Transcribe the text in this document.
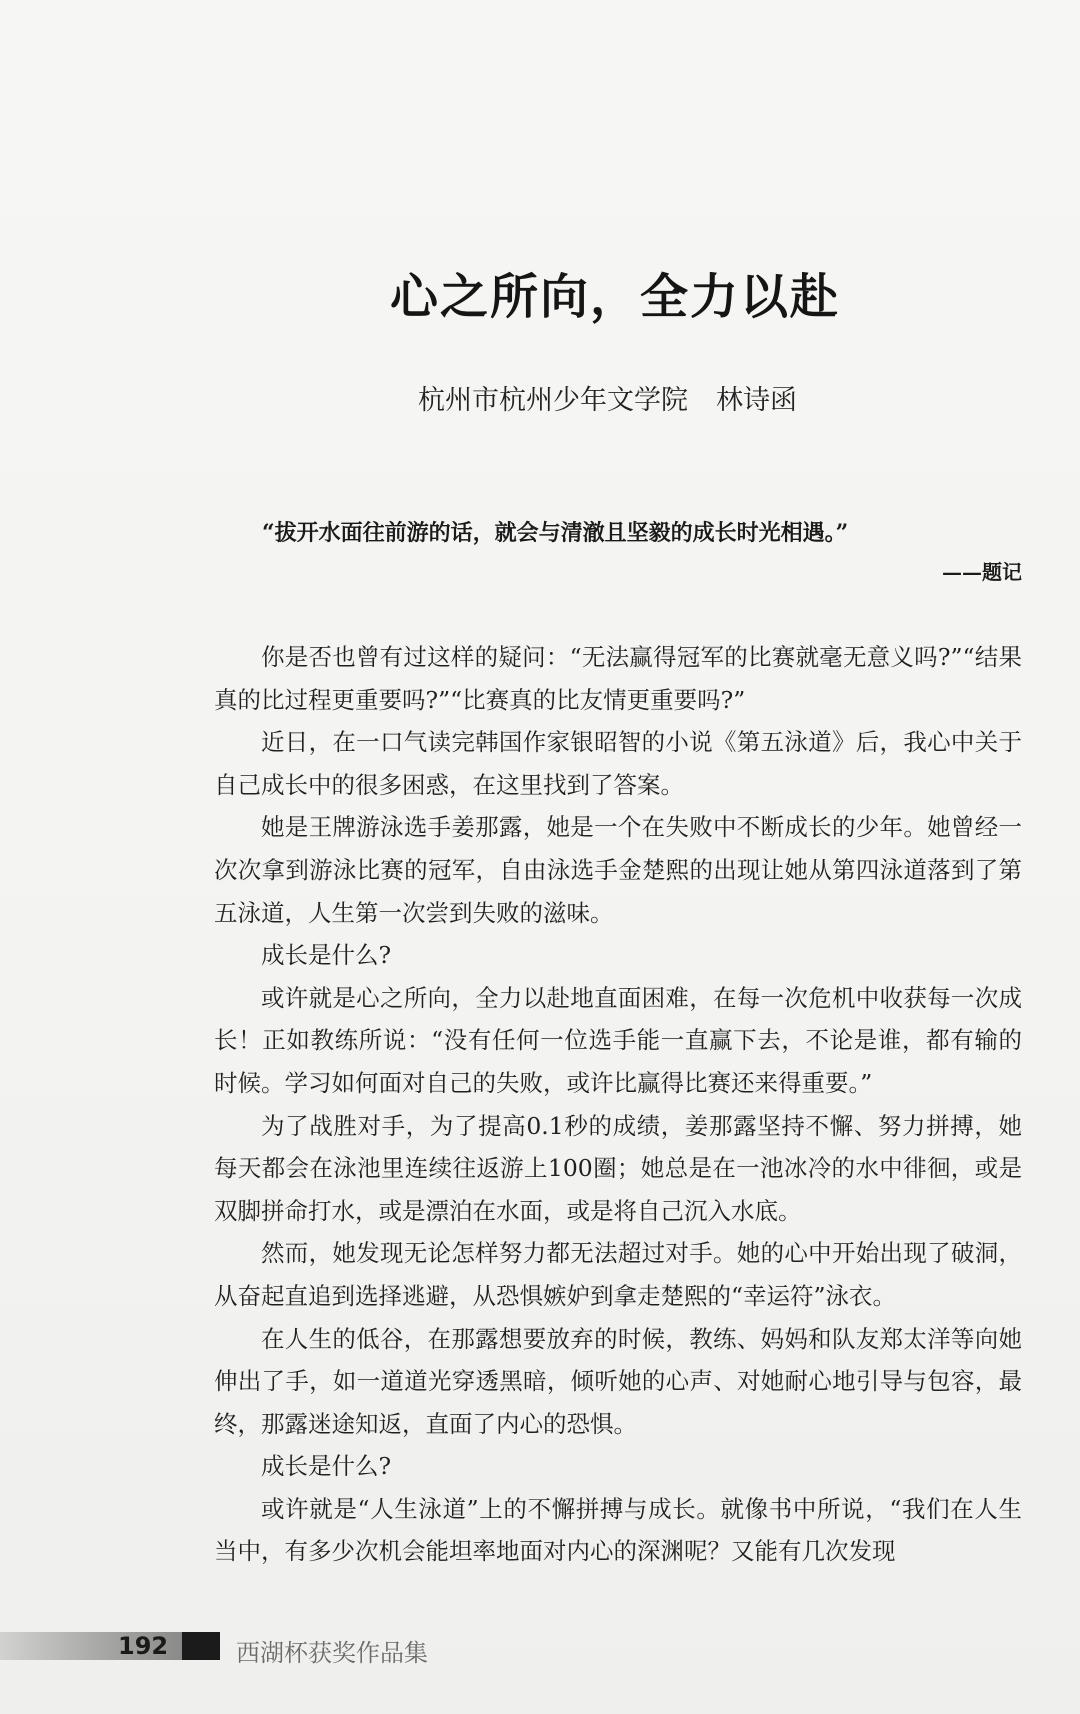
心之所向，全力以赴
杭州市杭州少年文学院 林诗函
“拔开水面往前游的话，就会与清澈且坚毅的成长时光相遇。”
——题记

你是否也曾有过这样的疑问：“无法赢得冠军的比赛就毫无意义吗?”“结果真的比过程更重要吗?”“比赛真的比友情更重要吗?”

近日，在一口气读完韩国作家银昭智的小说《第五泳道》后，我心中关于自己成长中的很多困惑，在这里找到了答案。

她是王牌游泳选手姜那露，她是一个在失败中不断成长的少年。她曾经一次次拿到游泳比赛的冠军，自由泳选手金楚熙的出现让她从第四泳道落到了第五泳道，人生第一次尝到失败的滋味。

成长是什么?

或许就是心之所向，全力以赴地直面困难，在每一次危机中收获每一次成长！正如教练所说：“没有任何一位选手能一直赢下去，不论是谁，都有输的时候。学习如何面对自己的失败，或许比赢得比赛还来得重要。”

为了战胜对手，为了提高0.1秒的成绩，姜那露坚持不懈、努力拼搏，她每天都会在泳池里连续往返游上100圈；她总是在一池冰冷的水中徘徊，或是双脚拼命打水，或是漂泊在水面，或是将自己沉入水底。

然而，她发现无论怎样努力都无法超过对手。她的心中开始出现了破洞，从奋起直追到选择逃避，从恐惧嫉妒到拿走楚熙的“幸运符”泳衣。

在人生的低谷，在那露想要放弃的时候，教练、妈妈和队友郑太洋等向她伸出了手，如一道道光穿透黑暗，倾听她的心声、对她耐心地引导与包容，最终，那露迷途知返，直面了内心的恐惧。

成长是什么?

或许就是“人生泳道”上的不懈拼搏与成长。就像书中所说，“我们在人生当中，有多少次机会能坦率地面对内心的深渊呢？又能有几次发现

192	西湖杯获奖作品集
